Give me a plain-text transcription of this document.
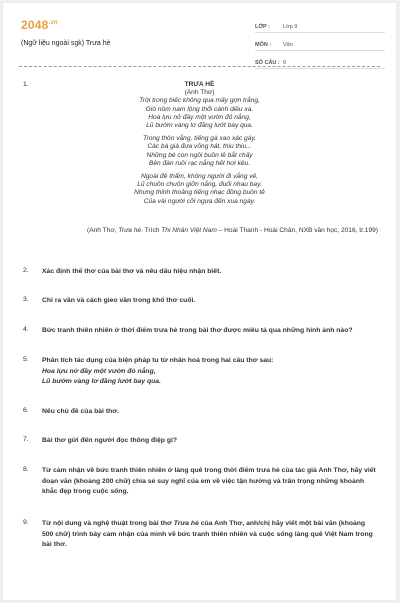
$2048^{.vn}$
(Ngữ liệu ngoài sgk) Trưa hè
LỚP :	Lớp 9
MÔN :	Văn
SỐ CÂU : 9
1.	TRƯA HÈ
(Anh Thơ)
Trời trong biếc không qua mấy gợn trắng,
Gió nồm nam lộng thổi cánh diều xa.
Hoa lựu nở đầy một vườn đỏ nắng,
Lũ bướm vàng lơ đãng lướt bay qua.
Trong thôn vắng, tiếng gà xao xác gáy,
Các bà già đưa võng hát, thiu thiu...
Những bé con ngồi buồn lê bắt chấy
Bên đàn ruồi rạc nắng hết hơi kêu.
Ngoài đê thẩm, không người đi vắng vẻ,
Lũ chuồn chuồn giỡn nắng, đuổi nhau bay.
Nhưng thỉnh thoảng tiếng nhạc đồng buồn tẻ
Của vài người cỡi ngựa đến xua ngày.
(Anh Thơ, Trưa hè. Trích Thi Nhân Việt Nam – Hoài Thanh - Hoài Chân, NXB văn học, 2016, tr.199)
2. Xác định thể thơ của bài thơ và nêu dấu hiệu nhận biết.
3. Chỉ ra vần và cách gieo vần trong khổ thơ cuối.
4. Bức tranh thiên nhiên ở thời điểm trưa hè trong bài thơ được miêu tả qua những hình ảnh nào?
5. Phân tích tác dụng của biện pháp tu từ nhân hoá trong hai câu thơ sau:
Hoa lựu nở đầy một vườn đỏ nắng,
Lũ bướm vàng lơ đãng lướt bay qua.
6. Nêu chủ đề của bài thơ.
7. Bài thơ gửi đến người đọc thông điệp gì?
8. Từ cảm nhận về bức tranh thiên nhiên ở làng quê trong thời điểm trưa hè của tác giả Anh Thơ, hãy viết đoạn văn (khoảng 200 chữ) chia sẻ suy nghĩ của em về việc tận hưởng và trân trọng những khoảnh khắc đẹp trong cuộc sống.
9. Từ nội dung và nghệ thuật trong bài thơ Trưa hè của Anh Thơ, anh/chị hãy viết một bài văn (khoảng 500 chữ) trình bày cảm nhận của mình về bức tranh thiên nhiên và cuộc sống làng quê Việt Nam trong bài thơ.
